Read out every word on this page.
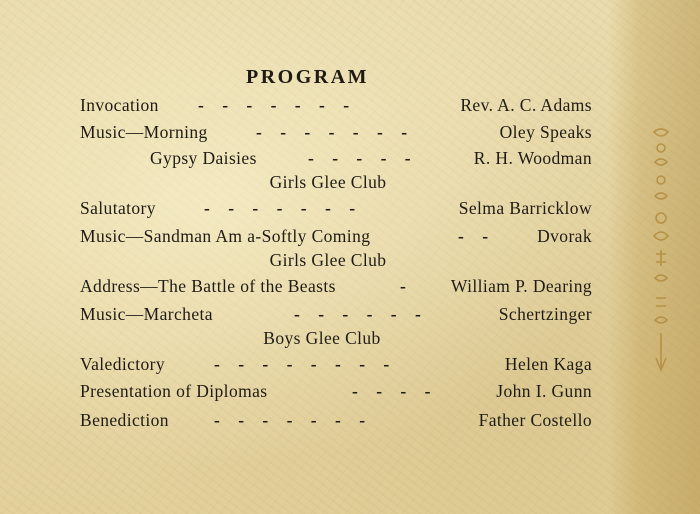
PROGRAM
Invocation - - - - - - -	Rev. A. C. Adams
Music—Morning	- - - - - - -	Oley Speaks
Gypsy Daisies	- - - - -	R. H. Woodman
Girls Glee Club
Salutatory	- - - - - - -	Selma Barricklow
Music—Sandman Am a-Softly Coming	- -	Dvorak
Girls Glee Club
Address—The Battle of the Beasts	-	William P. Dearing
Music—Marcheta	- - - - - -	Schertzinger
Boys Glee Club
Valedictory	- - - - - - - -	Helen Kaga
Presentation of Diplomas	- - - -	John I. Gunn
Benediction	- - - - - - -	Father Costello
